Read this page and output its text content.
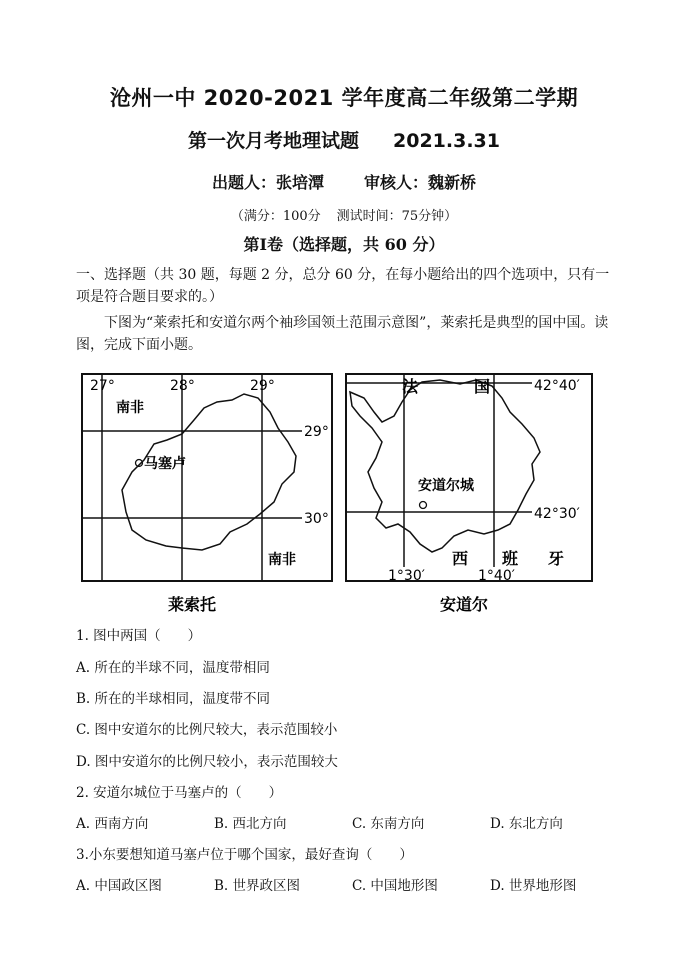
沧州一中 2020-2021 学年度高二年级第二学期
第一次月考地理试题 2021.3.31
出题人：张培潭	审核人：魏新桥
（满分：100分 测试时间：75分钟）
第Ⅰ卷（选择题，共 60 分）
一、选择题（共 30 题，每题 2 分，总分 60 分，在每小题给出的四个选项中，只有一项是符合题目要求的。）
下图为“莱索托和安道尔两个袖珍国领土范围示意图”，莱索托是典型的国中国。读图，完成下面小题。
27°	28°	29°
29°
30°
南非
南非
马塞卢
莱索托
法	国	42°40′
42°30′
安道尔城
西 班 牙
1°30′	1°40′
安道尔
1. 图中两国（　　）
A. 所在的半球不同，温度带相同
B. 所在的半球相同，温度带不同
C. 图中安道尔的比例尺较大，表示范围较小
D. 图中安道尔的比例尺较小，表示范围较大
2. 安道尔城位于马塞卢的（　　）
A. 西南方向	B. 西北方向	C. 东南方向	D. 东北方向
3.小东要想知道马塞卢位于哪个国家，最好查询（　　）
A. 中国政区图	B. 世界政区图	C. 中国地形图	D. 世界地形图
